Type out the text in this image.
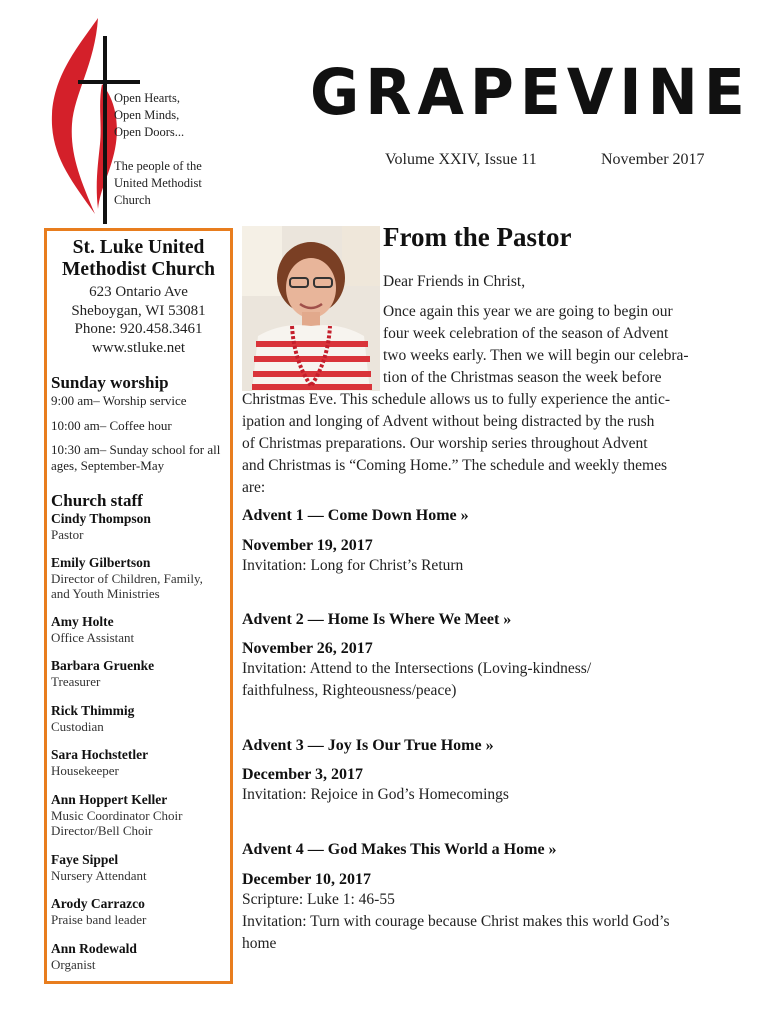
Open Hearts,
Open Minds,
Open Doors...
The people of the
United Methodist
Church
GRAPEVINE
Volume XXIV, Issue 11	November 2017
St. Luke United
Methodist Church
623 Ontario Ave
Sheboygan, WI 53081
Phone: 920.458.3461
www.stluke.net
Sunday worship
9:00 am– Worship service
10:00 am– Coffee hour
10:30 am– Sunday school for all ages, September-May
Church staff
Cindy Thompson
Pastor
Emily Gilbertson
Director of Children, Family, and Youth Ministries
Amy Holte
Office Assistant
Barbara Gruenke
Treasurer
Rick Thimmig
Custodian
Sara Hochstetler
Housekeeper
Ann Hoppert Keller
Music Coordinator Choir Director/Bell Choir
Faye Sippel
Nursery Attendant
Arody Carrazco
Praise band leader
Ann Rodewald
Organist
From the Pastor
Dear Friends in Christ,
Once again this year we are going to begin our
four week celebration of the season of Advent
two weeks early. Then we will begin our celebra-
tion of the Christmas season the week before
Christmas Eve. This schedule allows us to fully experience the antic-
ipation and longing of Advent without being distracted by the rush
of Christmas preparations. Our worship series throughout Advent
and Christmas is “Coming Home.” The schedule and weekly themes
are:
Advent 1 — Come Down Home »
November 19, 2017
Invitation: Long for Christ’s Return
Advent 2 — Home Is Where We Meet »
November 26, 2017
Invitation: Attend to the Intersections (Loving-kindness/
faithfulness, Righteousness/peace)
Advent 3 — Joy Is Our True Home »
December 3, 2017
Invitation: Rejoice in God’s Homecomings
Advent 4 — God Makes This World a Home »
December 10, 2017
Scripture: Luke 1: 46-55
Invitation: Turn with courage because Christ makes this world God’s
home
